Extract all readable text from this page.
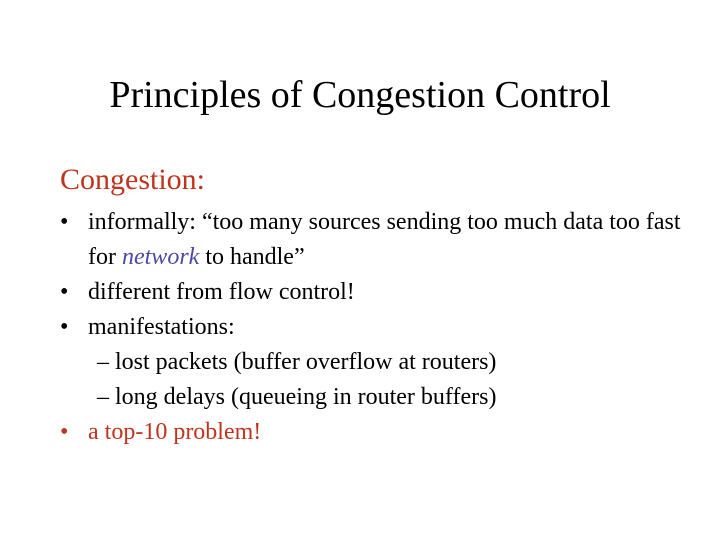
Principles of Congestion Control
Congestion:
• informally: “too many sources sending too much data too fast for network to handle”
• different from flow control!
• manifestations:
– lost packets (buffer overflow at routers)
– long delays (queueing in router buffers)
• a top-10 problem!
